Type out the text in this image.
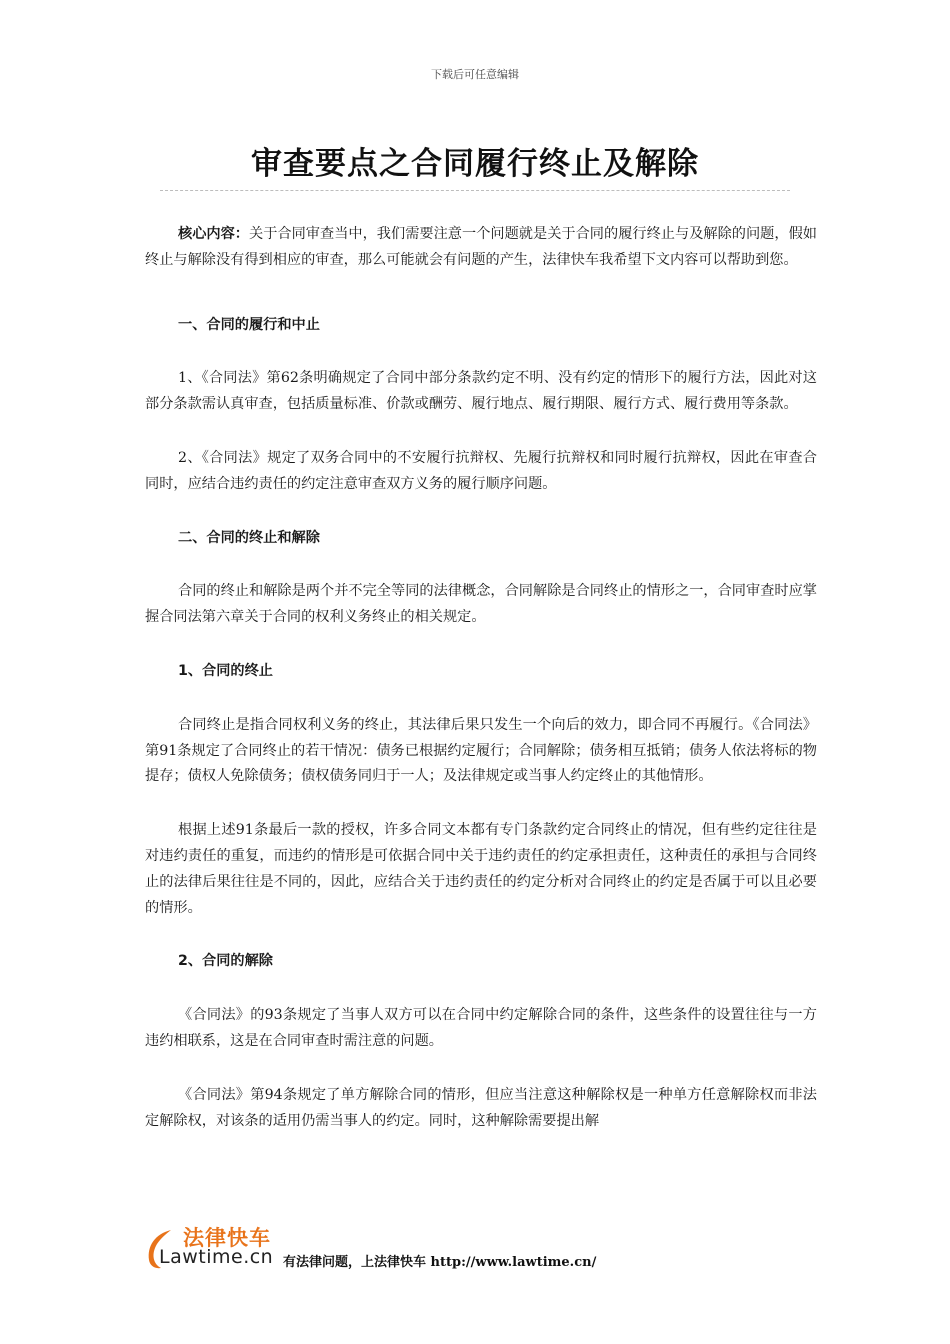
下载后可任意编辑
审查要点之合同履行终止及解除

核心内容：关于合同审查当中，我们需要注意一个问题就是关于合同的履行终止与及解除的问题，假如终止与解除没有得到相应的审查，那么可能就会有问题的产生，法律快车我希望下文内容可以帮助到您。

一、合同的履行和中止

1、《合同法》第62条明确规定了合同中部分条款约定不明、没有约定的情形下的履行方法，因此对这部分条款需认真审查，包括质量标准、价款或酬劳、履行地点、履行期限、履行方式、履行费用等条款。

2、《合同法》规定了双务合同中的不安履行抗辩权、先履行抗辩权和同时履行抗辩权，因此在审查合同时，应结合违约责任的约定注意审查双方义务的履行顺序问题。

二、合同的终止和解除

合同的终止和解除是两个并不完全等同的法律概念，合同解除是合同终止的情形之一，合同审查时应掌握合同法第六章关于合同的权利义务终止的相关规定。

1、合同的终止

合同终止是指合同权利义务的终止，其法律后果只发生一个向后的效力，即合同不再履行。《合同法》第91条规定了合同终止的若干情况：债务已根据约定履行；合同解除；债务相互抵销；债务人依法将标的物提存；债权人免除债务；债权债务同归于一人；及法律规定或当事人约定终止的其他情形。

根据上述91条最后一款的授权，许多合同文本都有专门条款约定合同终止的情况，但有些约定往往是对违约责任的重复，而违约的情形是可依据合同中关于违约责任的约定承担责任，这种责任的承担与合同终止的法律后果往往是不同的，因此，应结合关于违约责任的约定分析对合同终止的约定是否属于可以且必要的情形。

2、合同的解除

《合同法》的93条规定了当事人双方可以在合同中约定解除合同的条件，这些条件的设置往往与一方违约相联系，这是在合同审查时需注意的问题。

《合同法》第94条规定了单方解除合同的情形，但应当注意这种解除权是一种单方任意解除权而非法定解除权，对该条的适用仍需当事人的约定。同时，这种解除需要提出解

法律快车
Lawtime.cn 有法律问题，上法律快车 http://www.lawtime.cn/
